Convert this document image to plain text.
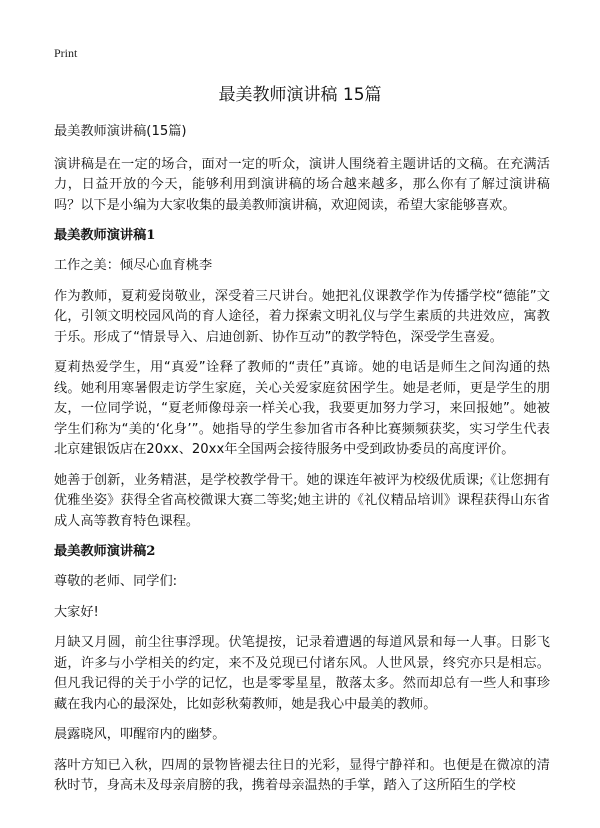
Print
最美教师演讲稿 15篇

最美教师演讲稿(15篇)

演讲稿是在一定的场合，面对一定的听众，演讲人围绕着主题讲话的文稿。在充满活力，日益开放的今天，能够利用到演讲稿的场合越来越多，那么你有了解过演讲稿吗？以下是小编为大家收集的最美教师演讲稿，欢迎阅读，希望大家能够喜欢。

最美教师演讲稿1

工作之美：倾尽心血育桃李

作为教师，夏莉爱岗敬业，深受着三尺讲台。她把礼仪课教学作为传播学校“德能”文化，引领文明校园风尚的育人途径，着力探索文明礼仪与学生素质的共进效应，寓教于乐。形成了“情景导入、启迪创新、协作互动”的教学特色，深受学生喜爱。

夏莉热爱学生，用“真爱”诠释了教师的“责任”真谛。她的电话是师生之间沟通的热线。她利用寒暑假走访学生家庭，关心关爱家庭贫困学生。她是老师，更是学生的朋友，一位同学说，“夏老师像母亲一样关心我，我要更加努力学习，来回报她”。她被学生们称为“美的‘化身’”。她指导的学生参加省市各种比赛频频获奖，实习学生代表北京建银饭店在20xx、20xx年全国两会接待服务中受到政协委员的高度评价。

她善于创新，业务精湛，是学校教学骨干。她的课连年被评为校级优质课;《让您拥有优雅坐姿》获得全省高校微课大赛二等奖;她主讲的《礼仪精品培训》课程获得山东省成人高等教育特色课程。

最美教师演讲稿2

尊敬的老师、同学们:

大家好!

月缺又月圆，前尘往事浮现。伏笔提按，记录着遭遇的每道风景和每一人事。日影飞逝，许多与小学相关的约定，来不及兑现已付诸东风。人世风景，终究亦只是相忘。但凡我记得的关于小学的记忆，也是零零星星，散落太多。然而却总有一些人和事珍藏在我内心的最深处，比如彭秋菊教师，她是我心中最美的教师。

晨露晓风，叩醒帘内的幽梦。

落叶方知已入秋，四周的景物皆褪去往日的光彩，显得宁静祥和。也便是在微凉的清秋时节，身高未及母亲肩膀的我，携着母亲温热的手掌，踏入了这所陌生的学校
